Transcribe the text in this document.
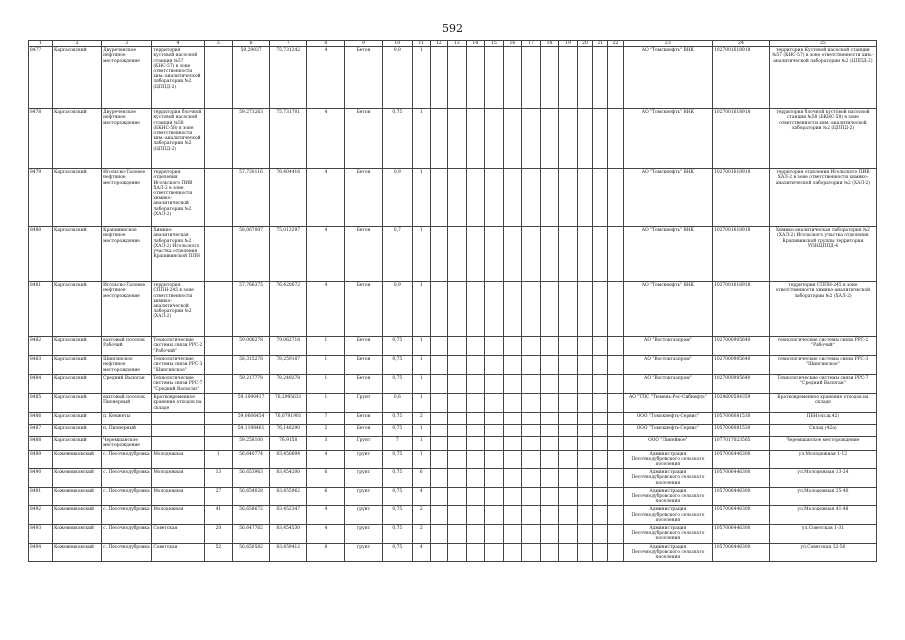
592
1	2	3	4	5	6	7	8	9	10	11	12	13	14	15	16	17	18	19	20	21	22	23	24	25
8477	Каргасокский	Двуреченское нефтяное месторождение	территория кустовой насосной станции №57 (КНС-57) в зоне ответственности хим.-аналитической лаборатории №2 (ЦППД-2)		59,29037	75,731242	4	Бетон	0,9	1												АО "Томскнефть" ВНК	1027001618918	территория Кустовой насосной станции №57 (КНС-57) в зоне ответственности хим.-аналитической лаборатории №2 (ЦППД-2)
8478	Каргасокский	Двуреченское нефтяное месторождение	территория блочной кустовой насосной станции №58 (БКНС-58) в зоне ответственности хим.-аналитической лаборатории №2 (ЦППД-2)		59,273263	75,731701	4	Бетон	0,75	1												АО "Томскнефть" ВНК	1027001618918	территория блочной кустовой насосной станции №58 (БКНС-58) в зоне ответственности хим.-аналитической лаборатории №2 (ЦППД-2)
8479	Каргасокский	Игольско-Таловое нефтяное месторождение	территория отделения Игольского ПИВ ХАЛ-2 в зоне ответственности химико-аналитической лаборатории №2 (ХАЛ-2)		57,730116	76,404416	4	Бетон	0,9	1												АО "Томскнефть" ВНК	1027001618918	территория отделения Игольского ПИВ ХАЛ-2 в зоне ответственности химико-аналитической лаборатории №2 (ХАЛ-2)
8480	Каргасокский	Крапивинское нефтяное месторождение	Химико-аналитическая лаборатория №2 (ХАЛ-2) Игольского участка отделения Крапивинской ППН		58,067007	75,013297	4	Бетон	0,7	1												АО "Томскнефть" ВНК	1027001618918	Химико-аналитическая лаборатория №2 (ХАЛ-2) Игольского участка отделения Крапивинской группы территории УПНЦППД-4
8481	Каргасокский	Игольско-Таловое нефтяное месторождение	территория СППН-245 в зоне ответственности химико-аналитической лаборатории №2 (ХАЛ-2)		57,766375	76,420672	4	Бетон	0,9	1												АО "Томскнефть" ВНК	1027001618918	территория СППН-245 в зоне ответственности химико-аналитической лаборатории №2 (ХАЛ-2)
8482	Каргасокский	вахтовый поселок Рабочий	Технологические системы связи РРС-2 "Рабочий"		59,006278	79,062718	1	Бетон	0,75	1												АО "Востокгазпром"	1027000905640	технологические системы связи РРС-2 "Рабочий"
8483	Каргасокский	Шингинское нефтяное месторождение	Технологические системы связи РРС-3 "Шингинское"		58,315278	78,259187	1	Бетон	0,75	1												АО "Востокгазпром"	1027000905640	технологические системы связи РРС-3 "Шингинское"
8484	Каргасокский	Средний Васюган	Технологические системы связи РРС-7 "Средний Васюган"		59,217778	78,249278	1	Бетон	0,75	1												АО "Востокгазпром"	1027000905640	Технологические системы связи РРС-7 "Средний Васюган"
8485	Каргасокский	вахтовый поселок Пионерный	Кратковременное хранение отходов на складе		59,1040417	76,2995631	1	Грунт	0,6	1												АО "ТПС "Тюмень-Рос-Сибнефть"	1028600584359	Кратковременное хранение отходов на складе
8486	Каргасокский	п. Кенжеты			59,0606454	76,0791901	7	Бетон	0,75	2												ООО "Томскнефть-Сервис"	1057006081530	ПБН(оп.щ.42)
8487	Каргасокский	п. Пионерный			59,1198461	76,148290	2	Бетон	0,75	1												ООО "Томскнефть-Сервис"	1057006081530	Склад (42а)
8488	Каргасокский	Черемшанское месторождение			59,258100	76,9158	3	Грунт	7	1												ООО "Линейное"	1077017023565	Черемшанское месторождение
8489	Кожевниковский	с. Песочнодубровка	Молодежная	1	56,640774	83,450694	4	грунт	0,75	1												Администрация Песочнодубровского сельского поселения	1057006446300	ул.Молодежная 1-12
8490	Кожевниковский	с. Песочнодубровка	Молодежная	13	56,653963	83,454200	6	грунт	0,75	6												Администрация Песочнодубровского сельского поселения	1057006446300	ул.Молодежная 13-24
8491	Кожевниковский	с. Песочнодубровка	Молодежная	27	56,654028	83,455962	6	грунт	0,75	4												Администрация Песочнодубровского сельского поселения	1057006446300	ул.Молодежная 25-40
8492	Кожевниковский	с. Песочнодубровка	Молодежная	41	56,658672	83,452347	4	грунт	0,75	2												Администрация Песочнодубровского сельского поселения	1057006446300	ул.Молодежная 41-48
8493	Кожевниковский	с. Песочнодубровка	Советская	20	56,647762	83,454530	4	грунт	0,75	2												Администрация Песочнодубровского сельского поселения	1057006446300	ул.Советская 1-31
8494	Кожевниковский	с. Песочнодубровка	Советская	52	56,650582	83,459412	8	грунт	0,75	4												Администрация Песочнодубровского сельского поселения	1057006446300	ул.Советская 32-56
